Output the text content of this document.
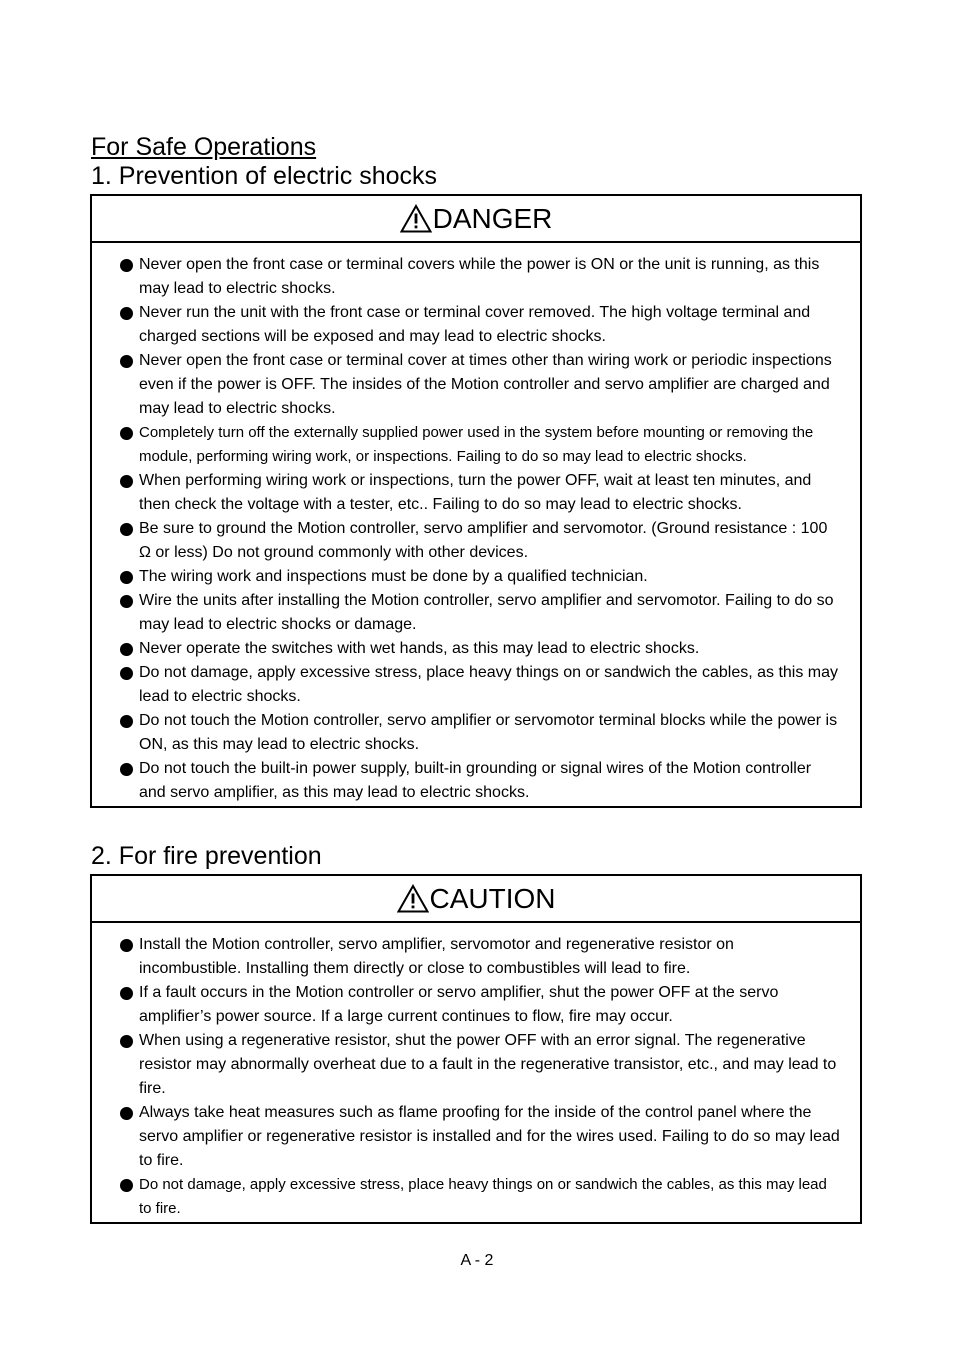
For Safe Operations
1. Prevention of electric shocks
DANGER
Never open the front case or terminal covers while the power is ON or the unit is running, as this may lead to electric shocks.
Never run the unit with the front case or terminal cover removed. The high voltage terminal and charged sections will be exposed and may lead to electric shocks.
Never open the front case or terminal cover at times other than wiring work or periodic inspections even if the power is OFF. The insides of the Motion controller and servo amplifier are charged and may lead to electric shocks.
Completely turn off the externally supplied power used in the system before mounting or removing the module, performing wiring work, or inspections. Failing to do so may lead to electric shocks.
When performing wiring work or inspections, turn the power OFF, wait at least ten minutes, and then check the voltage with a tester, etc.. Failing to do so may lead to electric shocks.
Be sure to ground the Motion controller, servo amplifier and servomotor. (Ground resistance : 100 Ω or less) Do not ground commonly with other devices.
The wiring work and inspections must be done by a qualified technician.
Wire the units after installing the Motion controller, servo amplifier and servomotor. Failing to do so may lead to electric shocks or damage.
Never operate the switches with wet hands, as this may lead to electric shocks.
Do not damage, apply excessive stress, place heavy things on or sandwich the cables, as this may lead to electric shocks.
Do not touch the Motion controller, servo amplifier or servomotor terminal blocks while the power is ON, as this may lead to electric shocks.
Do not touch the built-in power supply, built-in grounding or signal wires of the Motion controller and servo amplifier, as this may lead to electric shocks.
2. For fire prevention
CAUTION
Install the Motion controller, servo amplifier, servomotor and regenerative resistor on incombustible. Installing them directly or close to combustibles will lead to fire.
If a fault occurs in the Motion controller or servo amplifier, shut the power OFF at the servo amplifier’s power source. If a large current continues to flow, fire may occur.
When using a regenerative resistor, shut the power OFF with an error signal. The regenerative resistor may abnormally overheat due to a fault in the regenerative transistor, etc., and may lead to fire.
Always take heat measures such as flame proofing for the inside of the control panel where the servo amplifier or regenerative resistor is installed and for the wires used. Failing to do so may lead to fire.
Do not damage, apply excessive stress, place heavy things on or sandwich the cables, as this may lead to fire.
A - 2
